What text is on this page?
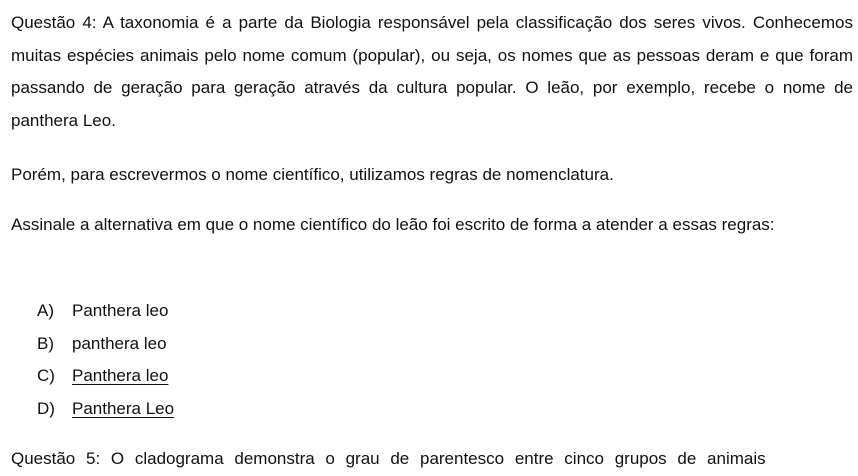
Questão 4: A taxonomia é a parte da Biologia responsável pela classificação dos seres vivos. Conhecemos muitas espécies animais pelo nome comum (popular), ou seja, os nomes que as pessoas deram e que foram passando de geração para geração através da cultura popular. O leão, por exemplo, recebe o nome de panthera Leo.

Porém, para escrevermos o nome científico, utilizamos regras de nomenclatura.

Assinale a alternativa em que o nome científico do leão foi escrito de forma a atender a essas regras:

A) Panthera leo
B) panthera leo
C) Panthera leo
D) Panthera Leo

Questão 5: O cladograma demonstra o grau de parentesco entre cinco grupos de animais
